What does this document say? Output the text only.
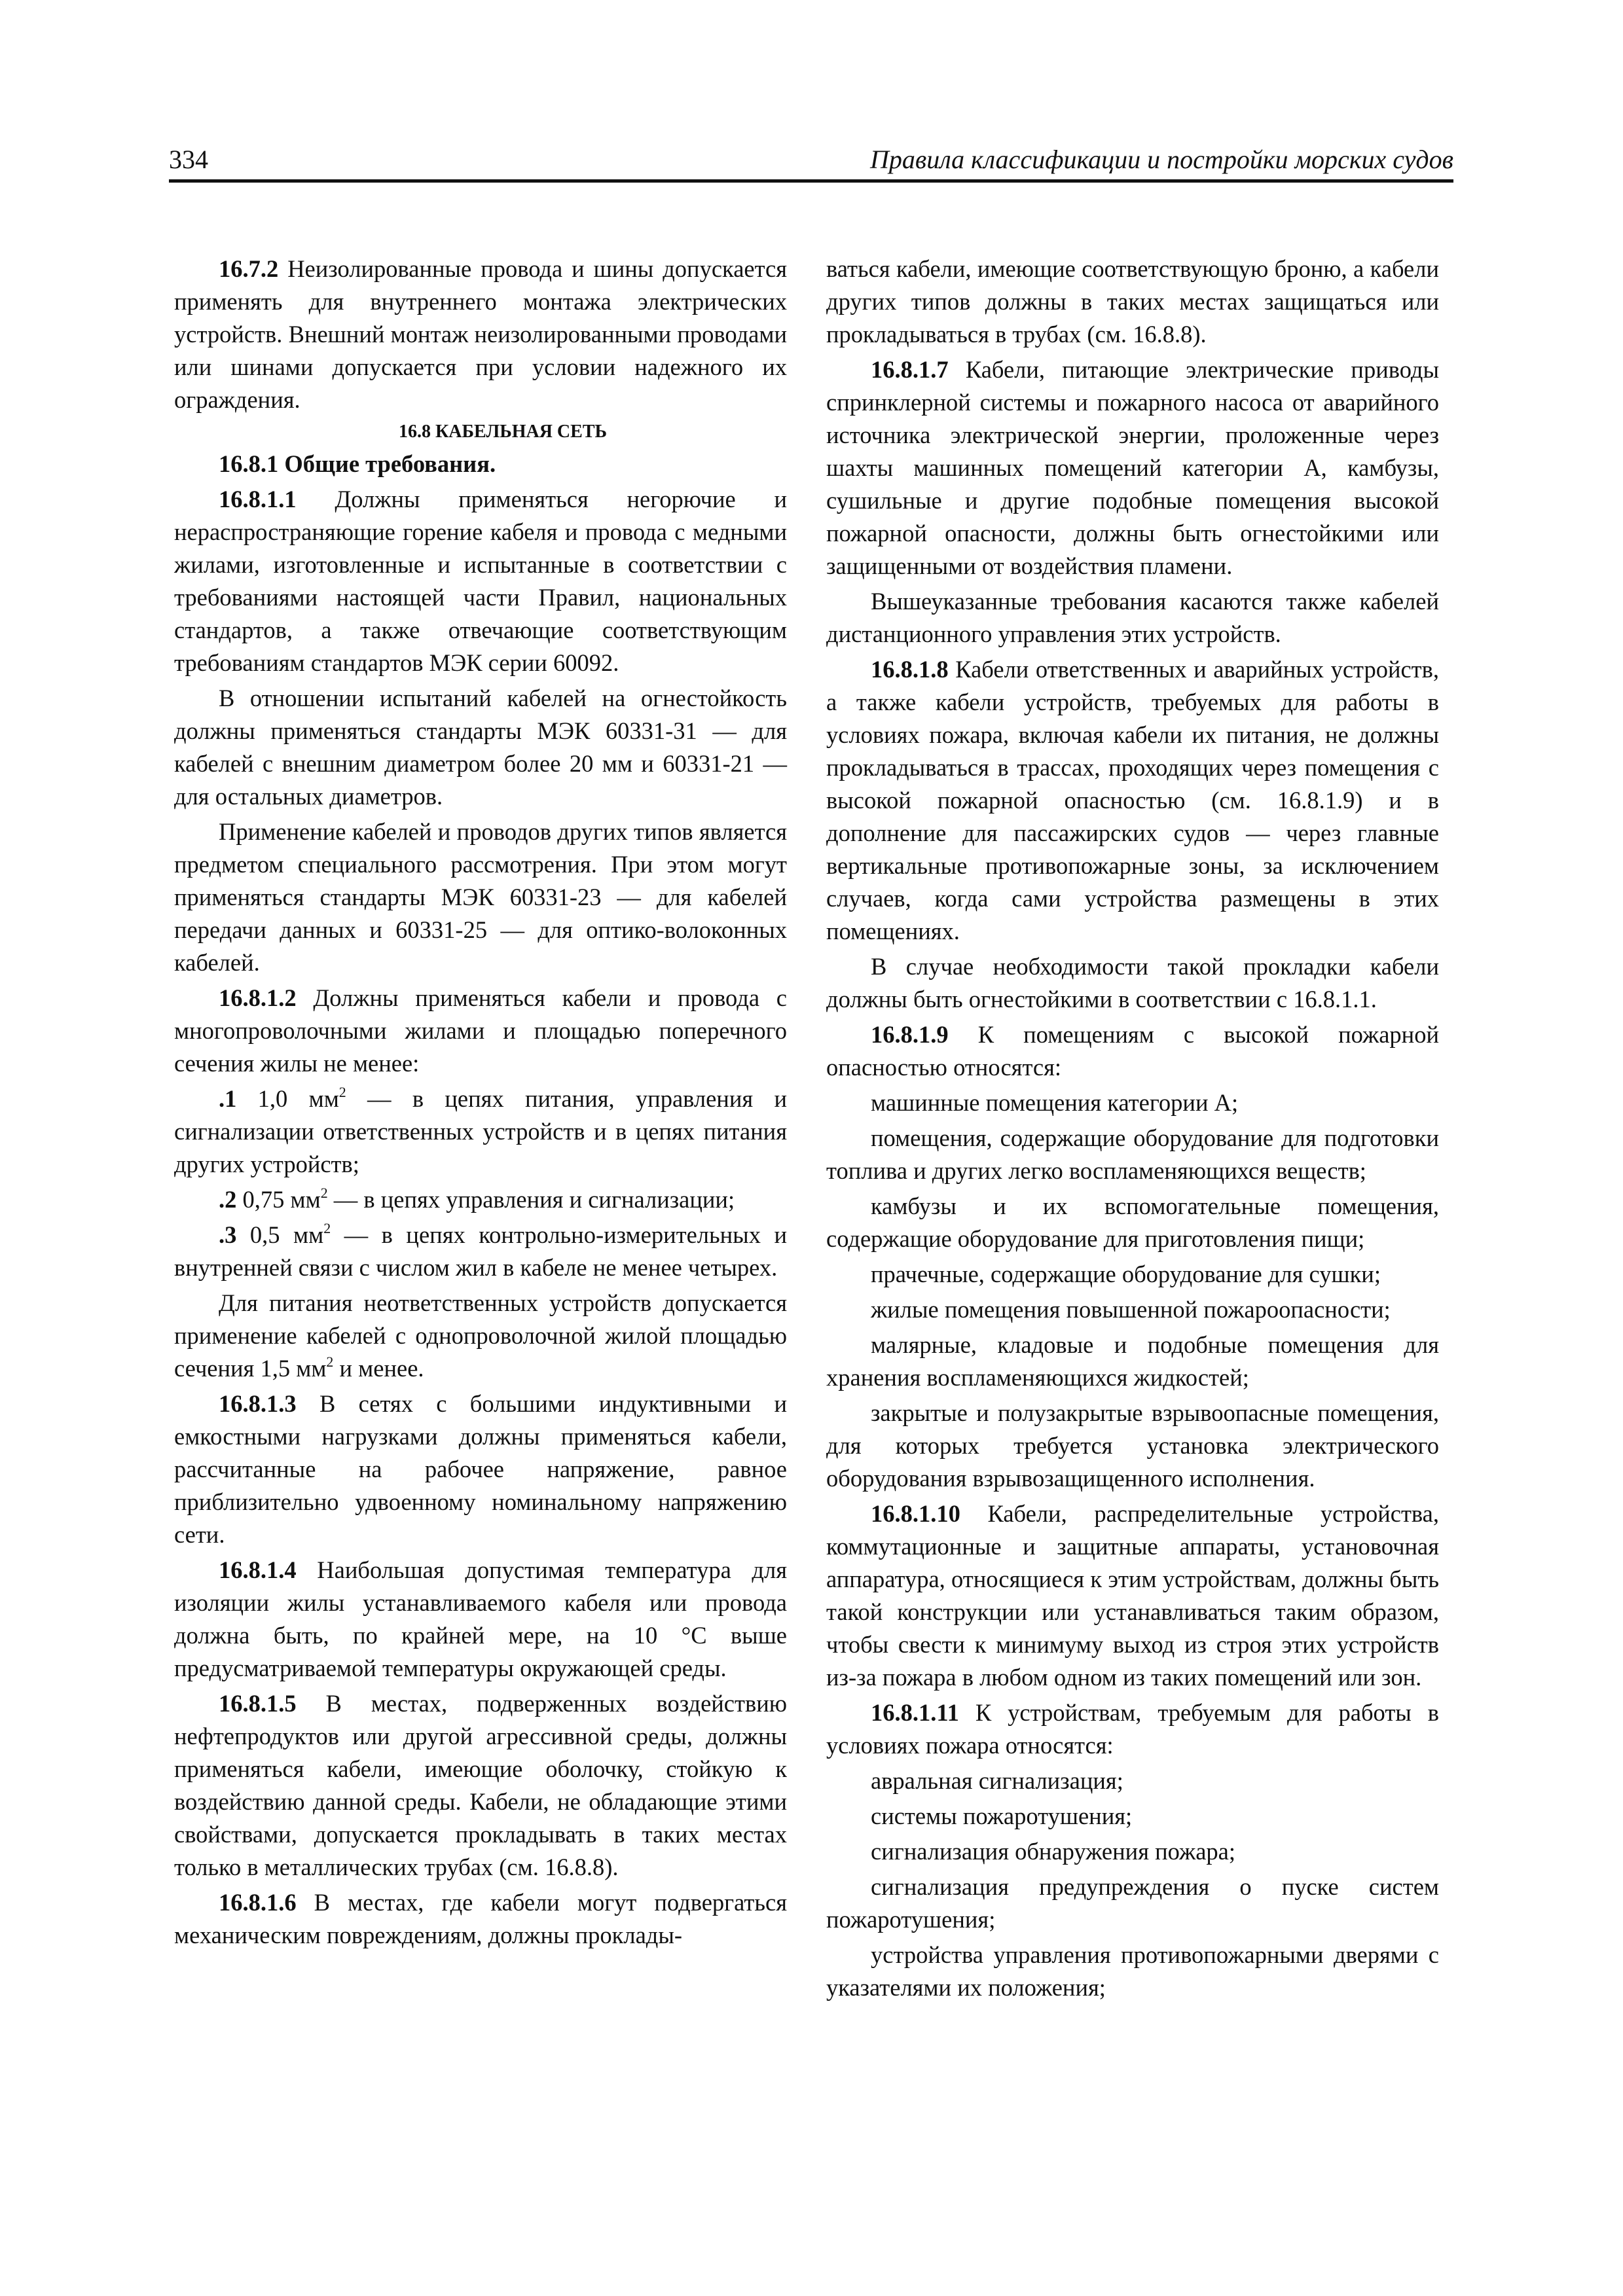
334	Правила классификации и постройки морских судов

16.7.2 Неизолированные провода и шины допускается применять для внутреннего монтажа электрических устройств. Внешний монтаж неизолированными проводами или шинами допускается при условии надежного их ограждения.

16.8 КАБЕЛЬНАЯ СЕТЬ

16.8.1 Общие требования.

16.8.1.1 Должны применяться негорючие и нераспространяющие горение кабеля и провода с медными жилами, изготовленные и испытанные в соответствии с требованиями настоящей части Правил, национальных стандартов, а также отвечающие соответствующим требованиям стандартов МЭК серии 60092.

В отношении испытаний кабелей на огнестойкость должны применяться стандарты МЭК 60331-31 — для кабелей с внешним диаметром более 20 мм и 60331-21 — для остальных диаметров.

Применение кабелей и проводов других типов является предметом специального рассмотрения. При этом могут применяться стандарты МЭК 60331-23 — для кабелей передачи данных и 60331-25 — для оптико-волоконных кабелей.

16.8.1.2 Должны применяться кабели и провода с многопроволочными жилами и площадью поперечного сечения жилы не менее:

.1 1,0 $мм^2$ — в цепях питания, управления и сигнализации ответственных устройств и в цепях питания других устройств;

.2 0,75 $мм^2$ — в цепях управления и сигнализации;

.3 0,5 $мм^2$ — в цепях контрольно-измерительных и внутренней связи с числом жил в кабеле не менее четырех.

Для питания неответственных устройств допускается применение кабелей с однопроволочной жилой площадью сечения 1,5 $мм^2$ и менее.

16.8.1.3 В сетях с большими индуктивными и емкостными нагрузками должны применяться кабели, рассчитанные на рабочее напряжение, равное приблизительно удвоенному номинальному напряжению сети.

16.8.1.4 Наибольшая допустимая температура для изоляции жилы устанавливаемого кабеля или провода должна быть, по крайней мере, на 10 °С выше предусматриваемой температуры окружающей среды.

16.8.1.5 В местах, подверженных воздействию нефтепродуктов или другой агрессивной среды, должны применяться кабели, имеющие оболочку, стойкую к воздействию данной среды. Кабели, не обладающие этими свойствами, допускается прокладывать в таких местах только в металлических трубах (см. 16.8.8).

16.8.1.6 В местах, где кабели могут подвергаться механическим повреждениям, должны проклады-

ваться кабели, имеющие соответствующую броню, а кабели других типов должны в таких местах защищаться или прокладываться в трубах (см. 16.8.8).

16.8.1.7 Кабели, питающие электрические приводы спринклерной системы и пожарного насоса от аварийного источника электрической энергии, проложенные через шахты машинных помещений категории А, камбузы, сушильные и другие подобные помещения высокой пожарной опасности, должны быть огнестойкими или защищенными от воздействия пламени.

Вышеуказанные требования касаются также кабелей дистанционного управления этих устройств.

16.8.1.8 Кабели ответственных и аварийных устройств, а также кабели устройств, требуемых для работы в условиях пожара, включая кабели их питания, не должны прокладываться в трассах, проходящих через помещения с высокой пожарной опасностью (см. 16.8.1.9) и в дополнение для пассажирских судов — через главные вертикальные противопожарные зоны, за исключением случаев, когда сами устройства размещены в этих помещениях.

В случае необходимости такой прокладки кабели должны быть огнестойкими в соответствии с 16.8.1.1.

16.8.1.9 К помещениям с высокой пожарной опасностью относятся:

машинные помещения категории А;

помещения, содержащие оборудование для подготовки топлива и других легко воспламеняющихся веществ;

камбузы и их вспомогательные помещения, содержащие оборудование для приготовления пищи;

прачечные, содержащие оборудование для сушки;

жилые помещения повышенной пожароопасности;

малярные, кладовые и подобные помещения для хранения воспламеняющихся жидкостей;

закрытые и полузакрытые взрывоопасные помещения, для которых требуется установка электрического оборудования взрывозащищенного исполнения.

16.8.1.10 Кабели, распределительные устройства, коммутационные и защитные аппараты, установочная аппаратура, относящиеся к этим устройствам, должны быть такой конструкции или устанавливаться таким образом, чтобы свести к минимуму выход из строя этих устройств из-за пожара в любом одном из таких помещений или зон.

16.8.1.11 К устройствам, требуемым для работы в условиях пожара относятся:

авральная сигнализация;

системы пожаротушения;

сигнализация обнаружения пожара;

сигнализация предупреждения о пуске систем пожаротушения;

устройства управления противопожарными дверями с указателями их положения;
